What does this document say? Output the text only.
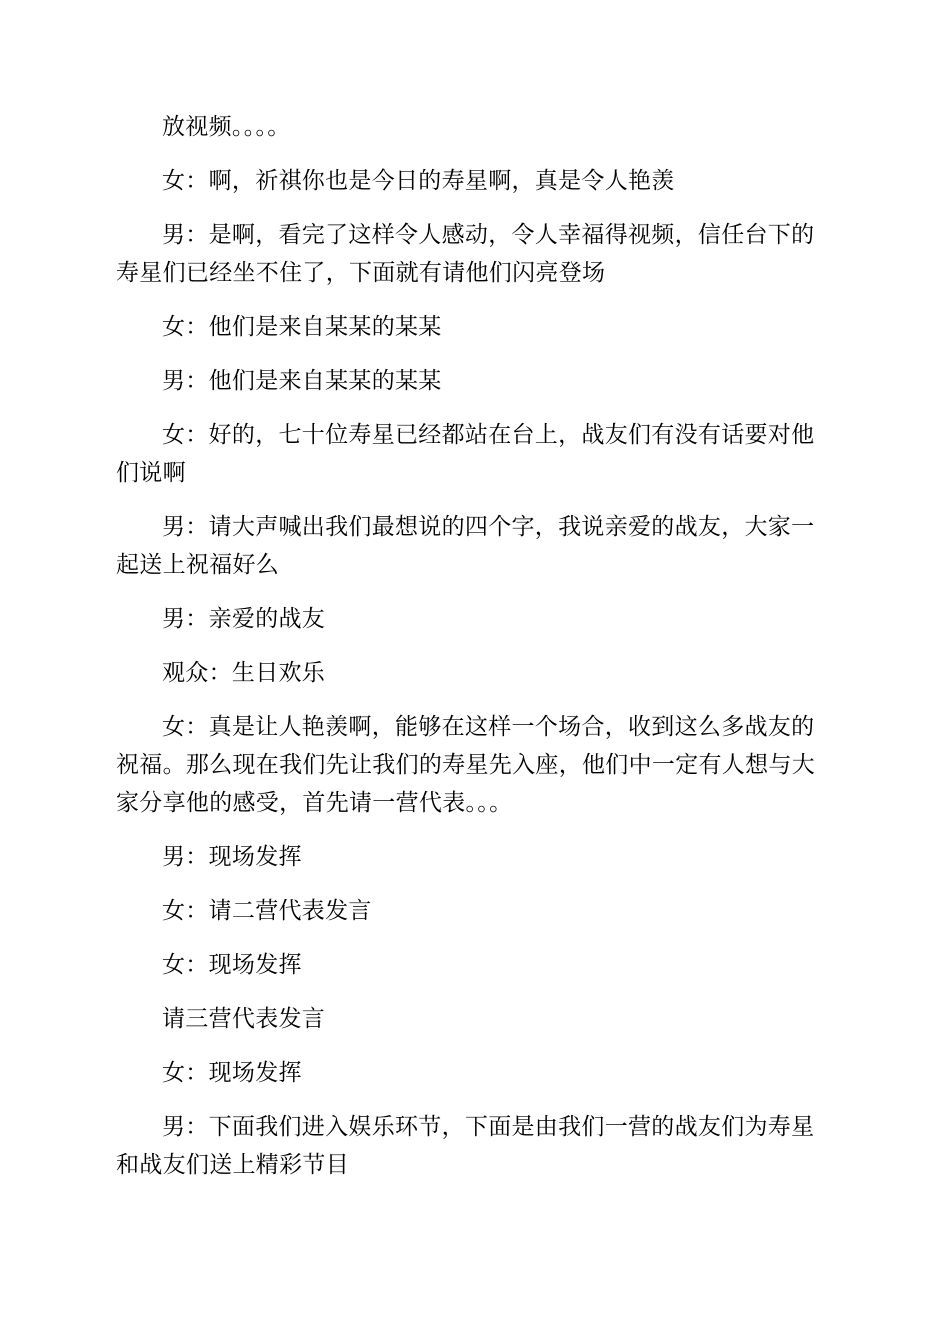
放视频。。。。

女：啊，祈祺你也是今日的寿星啊，真是令人艳羡

男：是啊，看完了这样令人感动，令人幸福得视频，信任台下的寿星们已经坐不住了，下面就有请他们闪亮登场

女：他们是来自某某的某某

男：他们是来自某某的某某

女：好的，七十位寿星已经都站在台上，战友们有没有话要对他们说啊

男：请大声喊出我们最想说的四个字，我说亲爱的战友，大家一起送上祝福好么

男：亲爱的战友

观众：生日欢乐

女：真是让人艳羡啊，能够在这样一个场合，收到这么多战友的祝福。那么现在我们先让我们的寿星先入座，他们中一定有人想与大家分享他的感受，首先请一营代表。。。

男：现场发挥

女：请二营代表发言

女：现场发挥

请三营代表发言

女：现场发挥

男：下面我们进入娱乐环节，下面是由我们一营的战友们为寿星和战友们送上精彩节目
